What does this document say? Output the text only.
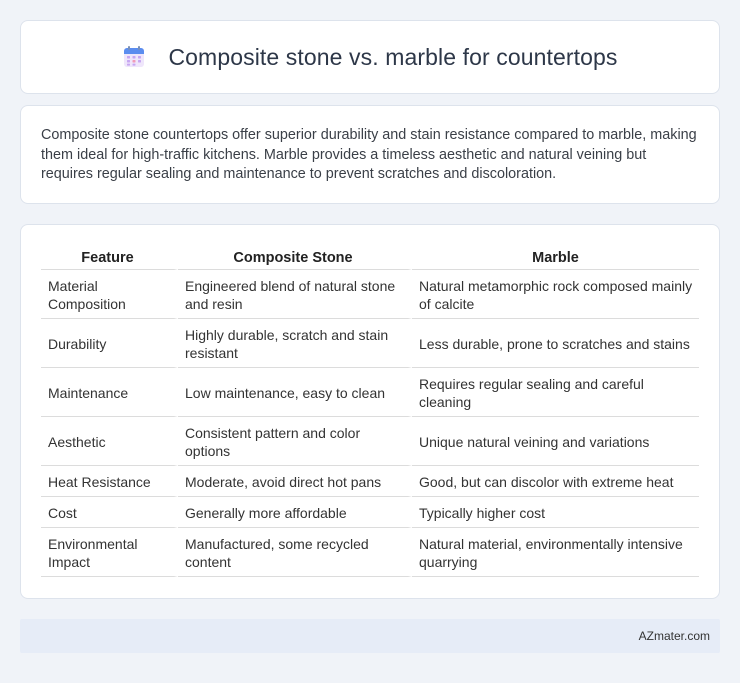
Composite stone vs. marble for countertops

Composite stone countertops offer superior durability and stain resistance compared to marble, making them ideal for high-traffic kitchens. Marble provides a timeless aesthetic and natural veining but requires regular sealing and maintenance to prevent scratches and discoloration.

Feature	Composite Stone	Marble
Material Composition	Engineered blend of natural stone and resin	Natural metamorphic rock composed mainly of calcite
Durability	Highly durable, scratch and stain resistant	Less durable, prone to scratches and stains
Maintenance	Low maintenance, easy to clean	Requires regular sealing and careful cleaning
Aesthetic	Consistent pattern and color options	Unique natural veining and variations
Heat Resistance	Moderate, avoid direct hot pans	Good, but can discolor with extreme heat
Cost	Generally more affordable	Typically higher cost
Environmental Impact	Manufactured, some recycled content	Natural material, environmentally intensive quarrying
AZmater.com
